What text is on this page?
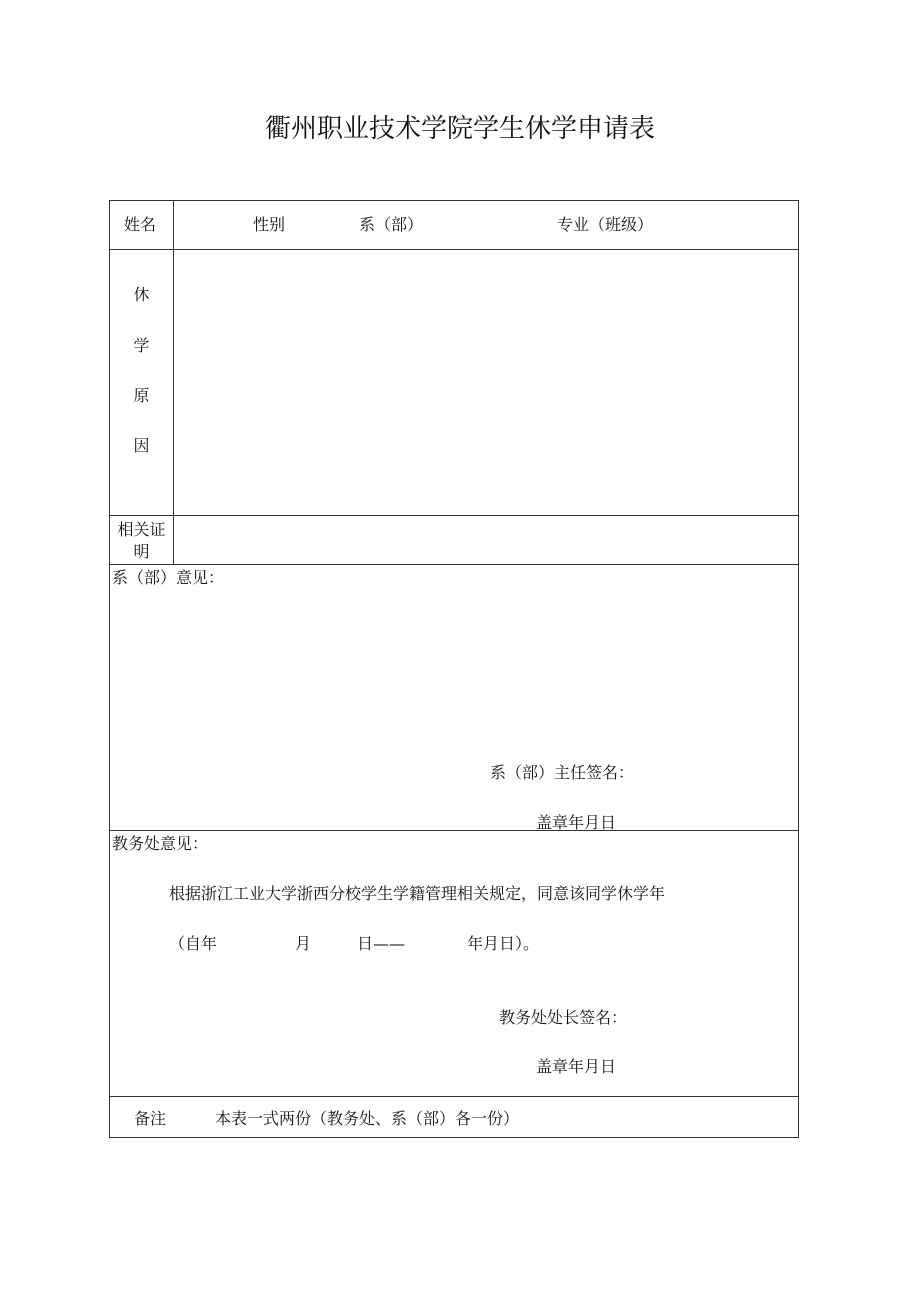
衢州职业技术学院学生休学申请表
姓名	性别	系（部）	专业（班级）
休
学
原
因
相关证明
系（部）意见：
系（部）主任签名：
盖章年月日
教务处意见：
根据浙江工业大学浙西分校学生学籍管理相关规定，同意该同学休学年
（自年	月	日——	年月日）。
教务处处长签名：
盖章年月日
备注	本表一式两份（教务处、系（部）各一份）
